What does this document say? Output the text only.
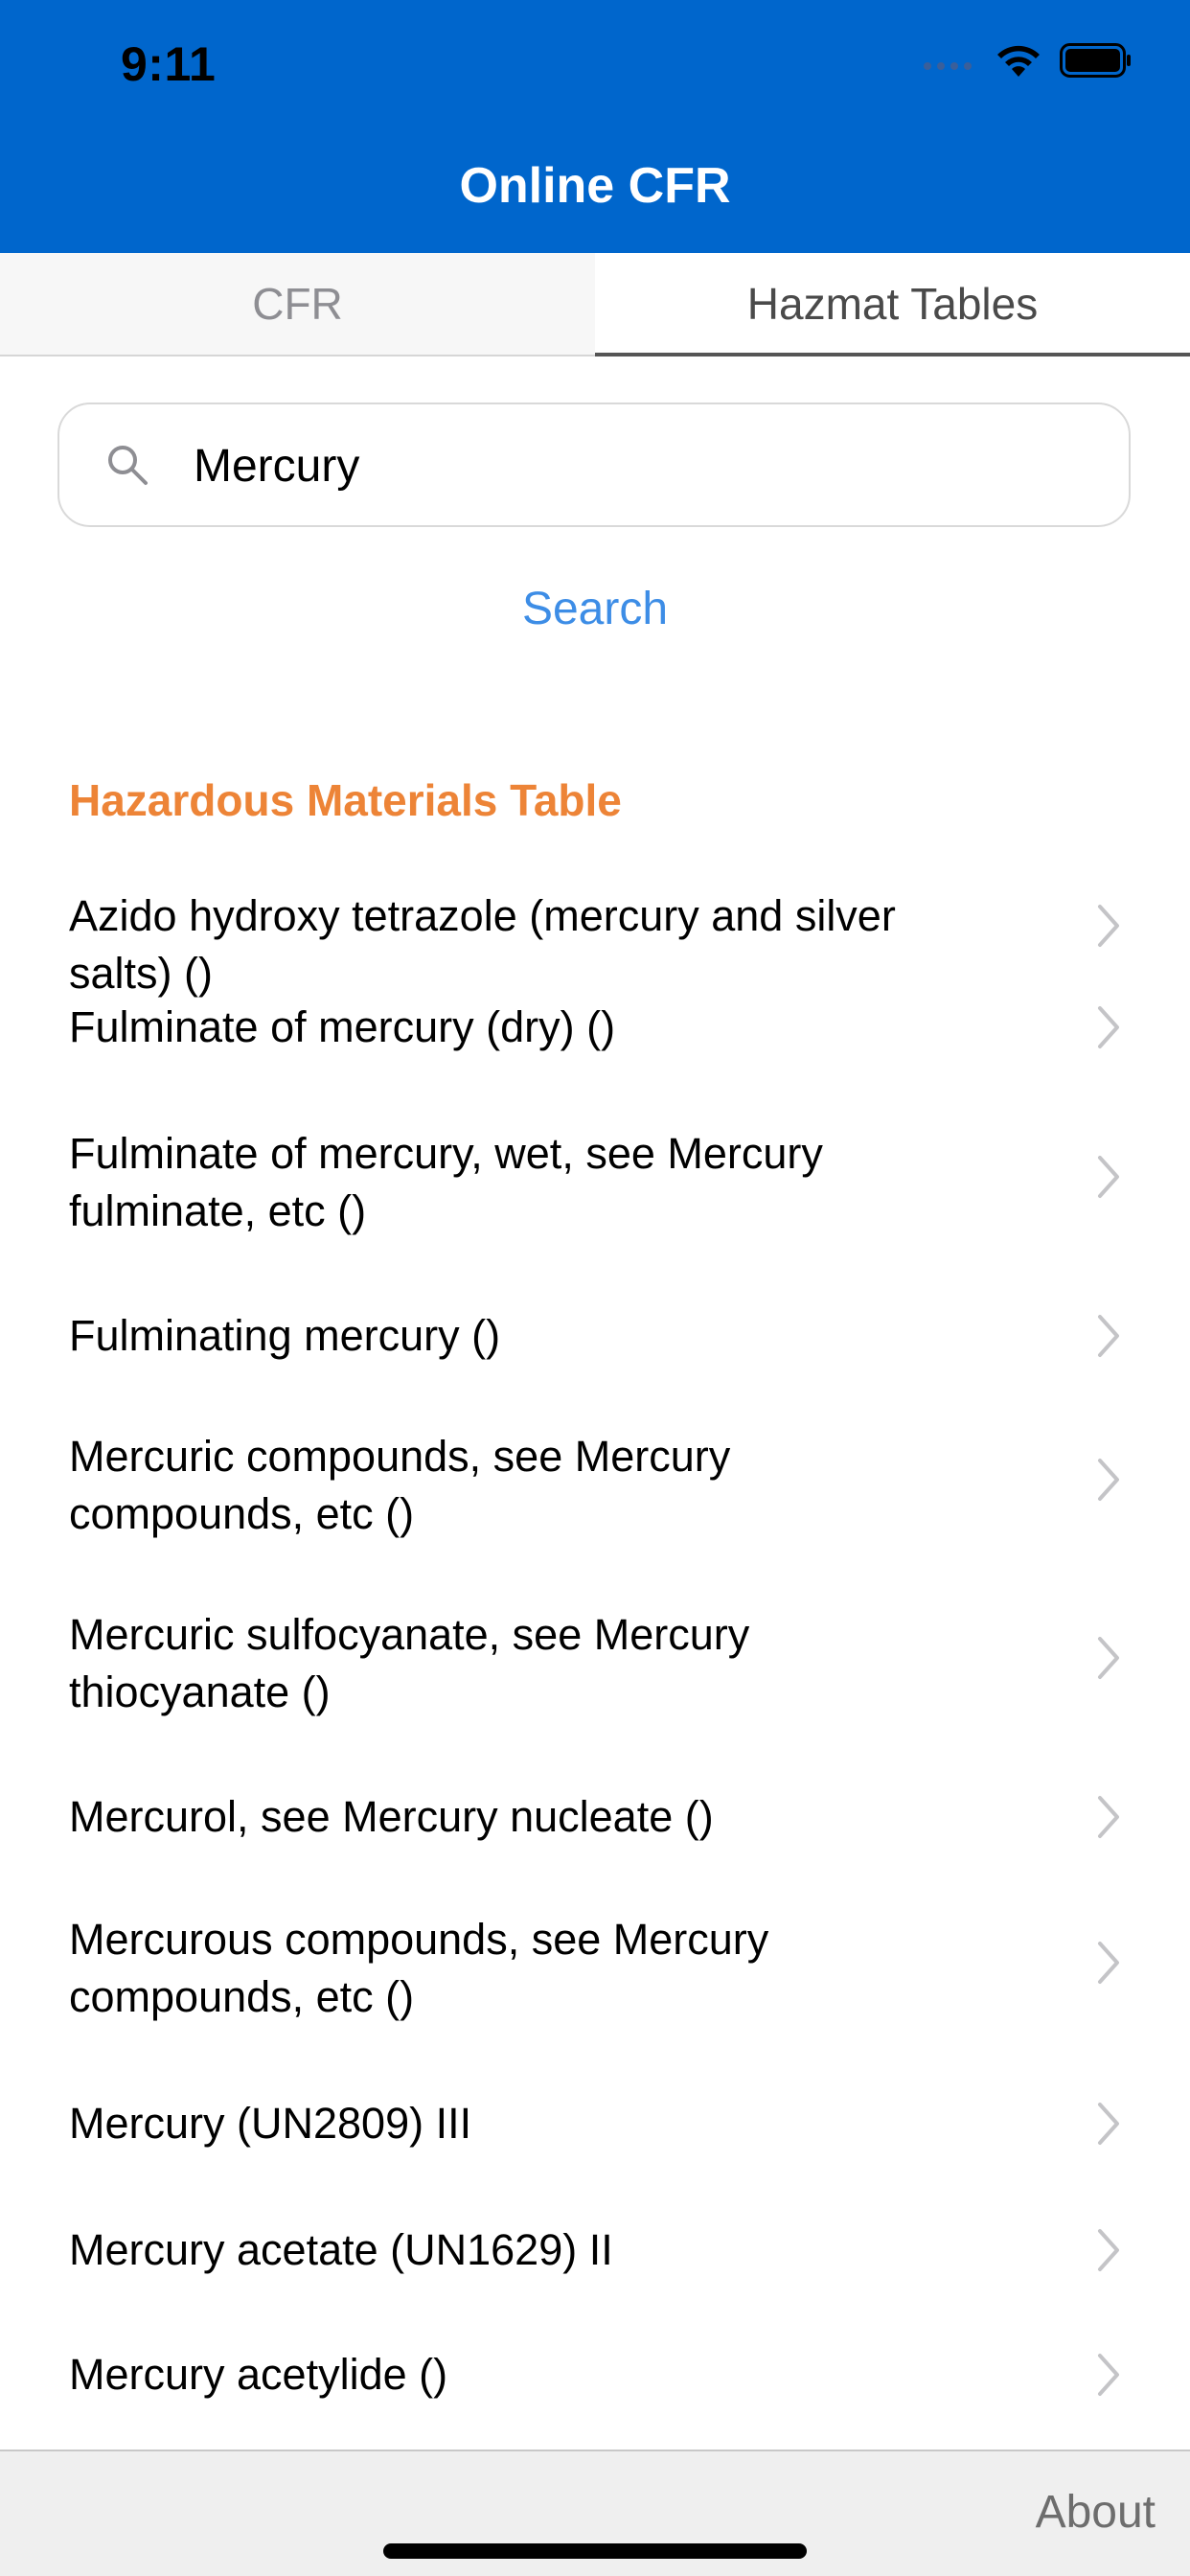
9:11
Online CFR
CFR	Hazmat Tables
Mercury
Search
Hazardous Materials Table
Azido hydroxy tetrazole (mercury and silver
salts) ()
Fulminate of mercury (dry) ()
Fulminate of mercury, wet, see Mercury
fulminate, etc ()
Fulminating mercury ()
Mercuric compounds, see Mercury
compounds, etc ()
Mercuric sulfocyanate, see Mercury
thiocyanate ()
Mercurol, see Mercury nucleate ()
Mercurous compounds, see Mercury
compounds, etc ()
Mercury (UN2809) III
Mercury acetate (UN1629) II
Mercury acetylide ()
About
